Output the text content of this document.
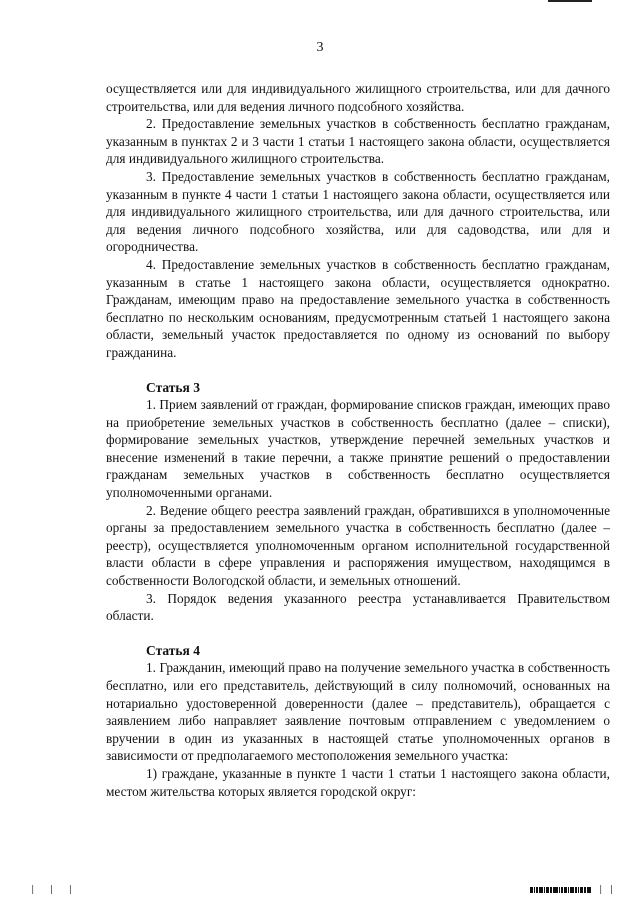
3

осуществляется или для индивидуального жилищного строительства, или для дачного строительства, или для ведения личного подсобного хозяйства.

2. Предоставление земельных участков в собственность бесплатно гражданам, указанным в пунктах 2 и 3 части 1 статьи 1 настоящего закона области, осуществляется для индивидуального жилищного строительства.

3. Предоставление земельных участков в собственность бесплатно гражданам, указанным в пункте 4 части 1 статьи 1 настоящего закона области, осуществляется или для индивидуального жилищного строительства, или для дачного строительства, или для ведения личного подсобного хозяйства, или для садоводства, или для и огородничества.

4. Предоставление земельных участков в собственность бесплатно гражданам, указанным в статье 1 настоящего закона области, осуществляется однократно. Гражданам, имеющим право на предоставление земельного участка в собственность бесплатно по нескольким основаниям, предусмотренным статьей 1 настоящего закона области, земельный участок предоставляется по одному из оснований по выбору гражданина.

Статья 3

1. Прием заявлений от граждан, формирование списков граждан, имеющих право на приобретение земельных участков в собственность бесплатно (далее – списки), формирование земельных участков, утверждение перечней земельных участков и внесение изменений в такие перечни, а также принятие решений о предоставлении гражданам земельных участков в собственность бесплатно осуществляется уполномоченными органами.

2. Ведение общего реестра заявлений граждан, обратившихся в уполномоченные органы за предоставлением земельного участка в собственность бесплатно (далее – реестр), осуществляется уполномоченным органом исполнительной государственной власти области в сфере управления и распоряжения имуществом, находящимся в собственности Вологодской области, и земельных отношений.

3. Порядок ведения указанного реестра устанавливается Правительством области.

Статья 4

1. Гражданин, имеющий право на получение земельного участка в собственность бесплатно, или его представитель, действующий в силу полномочий, основанных на нотариально удостоверенной доверенности (далее – представитель), обращается с заявлением либо направляет заявление почтовым отправлением с уведомлением о вручении в один из указанных в настоящей статье уполномоченных органов в зависимости от предполагаемого местоположения земельного участка:

1) граждане, указанные в пункте 1 части 1 статьи 1 настоящего закона области, местом жительства которых является городской округ:

| | |	| |
